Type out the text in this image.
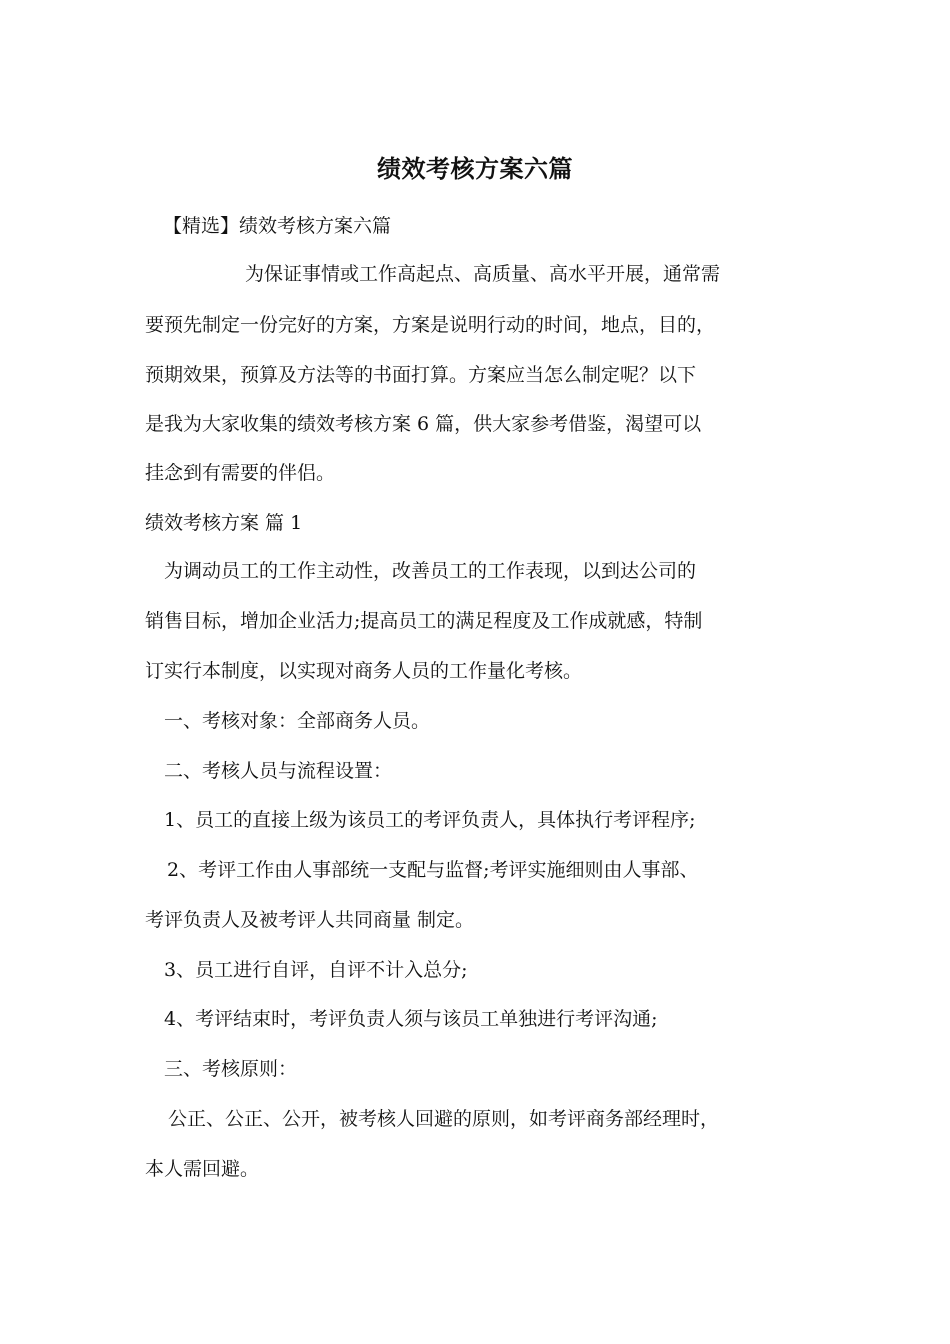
绩效考核方案六篇
【精选】绩效考核方案六篇
为保证事情或工作高起点、高质量、高水平开展，通常需
要预先制定一份完好的方案，方案是说明行动的时间，地点，目的，
预期效果，预算及方法等的书面打算。方案应当怎么制定呢？以下
是我为大家收集的绩效考核方案 6 篇，供大家参考借鉴，渴望可以
挂念到有需要的伴侣。
绩效考核方案 篇 1
为调动员工的工作主动性，改善员工的工作表现，以到达公司的
销售目标，增加企业活力;提高员工的满足程度及工作成就感，特制
订实行本制度，以实现对商务人员的工作量化考核。
一、考核对象：全部商务人员。
二、考核人员与流程设置：
1、员工的直接上级为该员工的考评负责人，具体执行考评程序;
2、考评工作由人事部统一支配与监督;考评实施细则由人事部、
考评负责人及被考评人共同商量 制定。
3、员工进行自评，自评不计入总分;
4、考评结束时，考评负责人须与该员工单独进行考评沟通;
三、考核原则：
公正、公正、公开，被考核人回避的原则，如考评商务部经理时，
本人需回避。
